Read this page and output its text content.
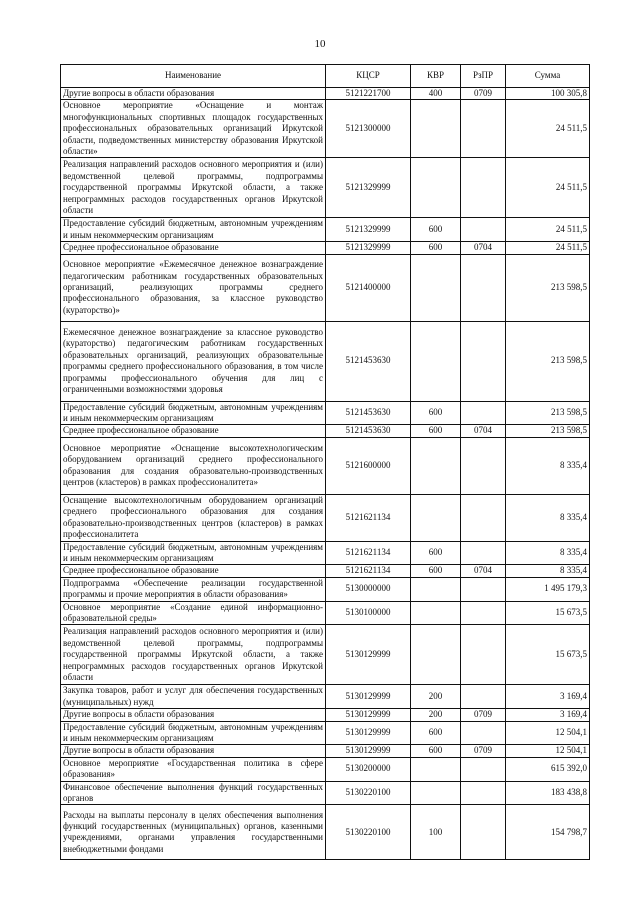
10
Наименование	КЦСР	КВР	РзПР	Сумма
Другие вопросы в области образования	5121221700	400	0709	100 305,8
Основное мероприятие «Оснащение и монтаж многофункциональных спортивных площадок государственных профессиональных образовательных организаций Иркутской области, подведомственных министерству образования Иркутской области»	5121300000			24 511,5
Реализация направлений расходов основного мероприятия и (или) ведомственной целевой программы, подпрограммы государственной программы Иркутской области, а также непрограммных расходов государственных органов Иркутской области	5121329999			24 511,5
Предоставление субсидий бюджетным, автономным учреждениям и иным некоммерческим организациям	5121329999	600		24 511,5
Среднее профессиональное образование	5121329999	600	0704	24 511,5
Основное мероприятие «Ежемесячное денежное вознаграждение педагогическим работникам государственных образовательных организаций, реализующих программы среднего профессионального образования, за классное руководство (кураторство)»	5121400000			213 598,5
Ежемесячное денежное вознаграждение за классное руководство (кураторство) педагогическим работникам государственных образовательных организаций, реализующих образовательные программы среднего профессионального образования, в том числе программы профессионального обучения для лиц с ограниченными возможностями здоровья	5121453630			213 598,5
Предоставление субсидий бюджетным, автономным учреждениям и иным некоммерческим организациям	5121453630	600		213 598,5
Среднее профессиональное образование	5121453630	600	0704	213 598,5
Основное мероприятие «Оснащение высокотехнологическим оборудованием организаций среднего профессионального образования для создания образовательно-производственных центров (кластеров) в рамках профессионалитета»	5121600000			8 335,4
Оснащение высокотехнологичным оборудованием организаций среднего профессионального образования для создания образовательно-производственных центров (кластеров) в рамках профессионалитета	5121621134			8 335,4
Предоставление субсидий бюджетным, автономным учреждениям и иным некоммерческим организациям	5121621134	600		8 335,4
Среднее профессиональное образование	5121621134	600	0704	8 335,4
Подпрограмма «Обеспечение реализации государственной программы и прочие мероприятия в области образования»	5130000000			1 495 179,3
Основное мероприятие «Создание единой информационно-образовательной среды»	5130100000			15 673,5
Реализация направлений расходов основного мероприятия и (или) ведомственной целевой программы, подпрограммы государственной программы Иркутской области, а также непрограммных расходов государственных органов Иркутской области	5130129999			15 673,5
Закупка товаров, работ и услуг для обеспечения государственных (муниципальных) нужд	5130129999	200		3 169,4
Другие вопросы в области образования	5130129999	200	0709	3 169,4
Предоставление субсидий бюджетным, автономным учреждениям и иным некоммерческим организациям	5130129999	600		12 504,1
Другие вопросы в области образования	5130129999	600	0709	12 504,1
Основное мероприятие «Государственная политика в сфере образования»	5130200000			615 392,0
Финансовое обеспечение выполнения функций государственных органов	5130220100			183 438,8
Расходы на выплаты персоналу в целях обеспечения выполнения функций государственных (муниципальных) органов, казенными учреждениями, органами управления государственными внебюджетными фондами	5130220100	100		154 798,7
